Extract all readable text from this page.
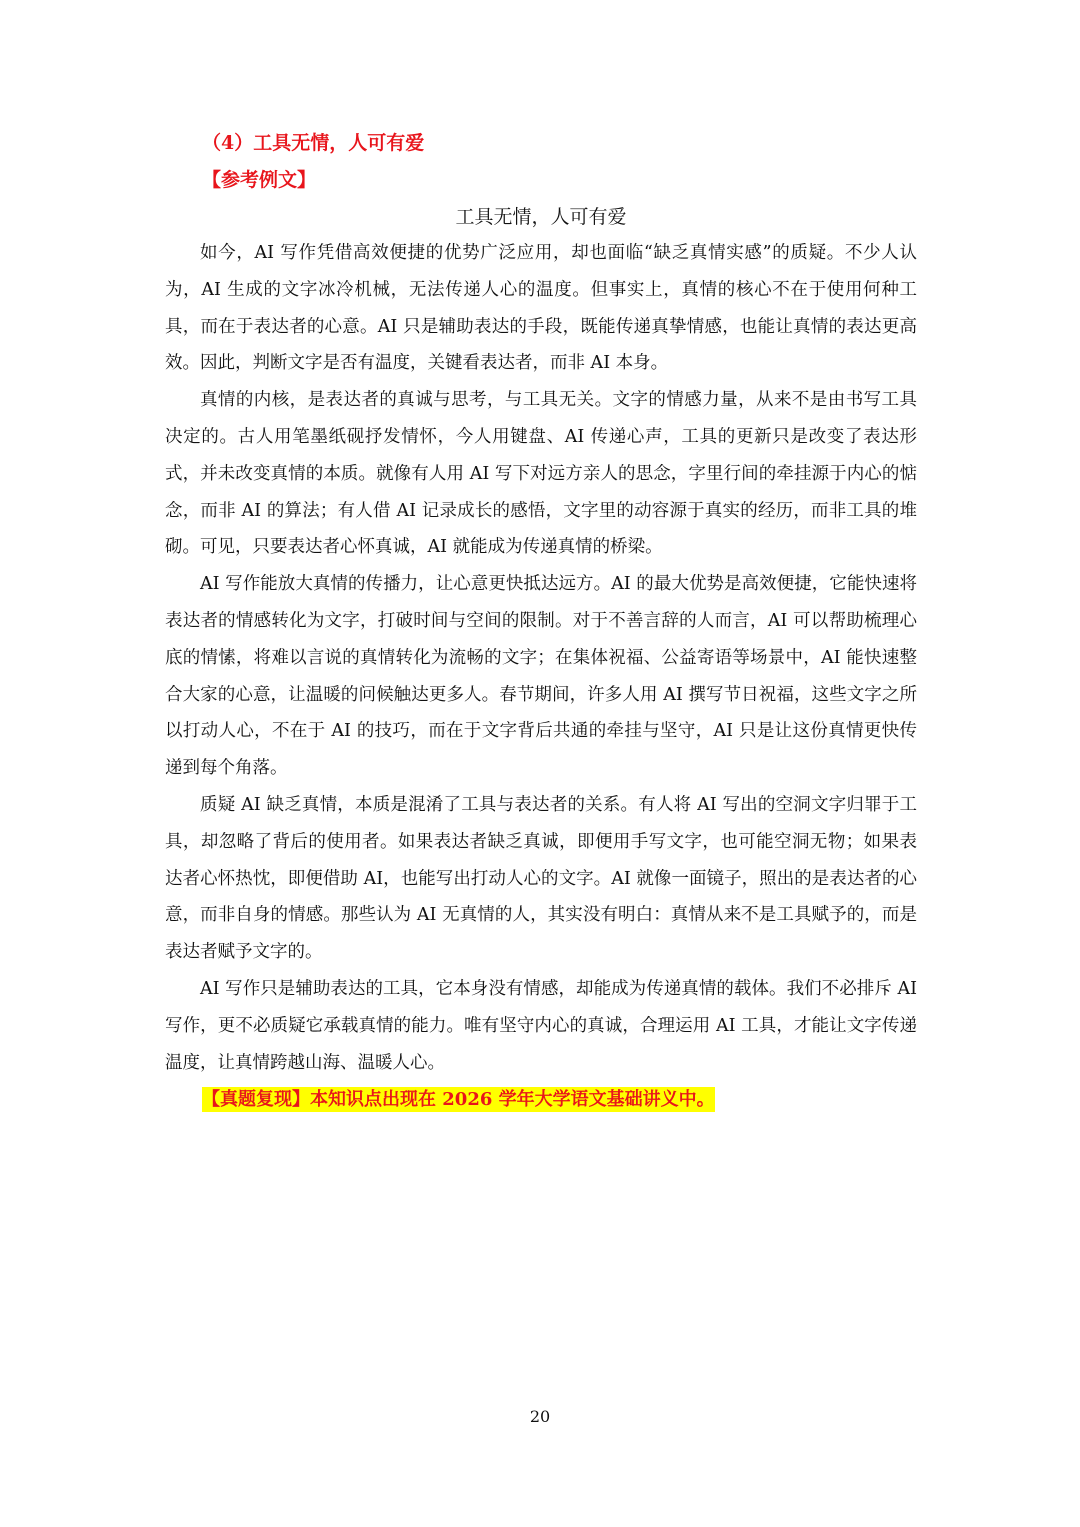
（4）工具无情，人可有爱
【参考例文】
工具无情，人可有爱

如今，AI 写作凭借高效便捷的优势广泛应用，却也面临“缺乏真情实感”的质疑。不少人认为，AI 生成的文字冰冷机械，无法传递人心的温度。但事实上，真情的核心不在于使用何种工具，而在于表达者的心意。AI 只是辅助表达的手段，既能传递真挚情感，也能让真情的表达更高效。因此，判断文字是否有温度，关键看表达者，而非 AI 本身。

真情的内核，是表达者的真诚与思考，与工具无关。文字的情感力量，从来不是由书写工具决定的。古人用笔墨纸砚抒发情怀，今人用键盘、AI 传递心声，工具的更新只是改变了表达形式，并未改变真情的本质。就像有人用 AI 写下对远方亲人的思念，字里行间的牵挂源于内心的惦念，而非 AI 的算法；有人借 AI 记录成长的感悟，文字里的动容源于真实的经历，而非工具的堆砌。可见，只要表达者心怀真诚，AI 就能成为传递真情的桥梁。

AI 写作能放大真情的传播力，让心意更快抵达远方。AI 的最大优势是高效便捷，它能快速将表达者的情感转化为文字，打破时间与空间的限制。对于不善言辞的人而言，AI 可以帮助梳理心底的情愫，将难以言说的真情转化为流畅的文字；在集体祝福、公益寄语等场景中，AI 能快速整合大家的心意，让温暖的问候触达更多人。春节期间，许多人用 AI 撰写节日祝福，这些文字之所以打动人心，不在于 AI 的技巧，而在于文字背后共通的牵挂与坚守，AI 只是让这份真情更快传递到每个角落。

质疑 AI 缺乏真情，本质是混淆了工具与表达者的关系。有人将 AI 写出的空洞文字归罪于工具，却忽略了背后的使用者。如果表达者缺乏真诚，即便用手写文字，也可能空洞无物；如果表达者心怀热忱，即便借助 AI，也能写出打动人心的文字。AI 就像一面镜子，照出的是表达者的心意，而非自身的情感。那些认为 AI 无真情的人，其实没有明白：真情从来不是工具赋予的，而是表达者赋予文字的。

AI 写作只是辅助表达的工具，它本身没有情感，却能成为传递真情的载体。我们不必排斥 AI 写作，更不必质疑它承载真情的能力。唯有坚守内心的真诚，合理运用 AI 工具，才能让文字传递温度，让真情跨越山海、温暖人心。

【真题复现】本知识点出现在 2026 学年大学语文基础讲义中。
20
